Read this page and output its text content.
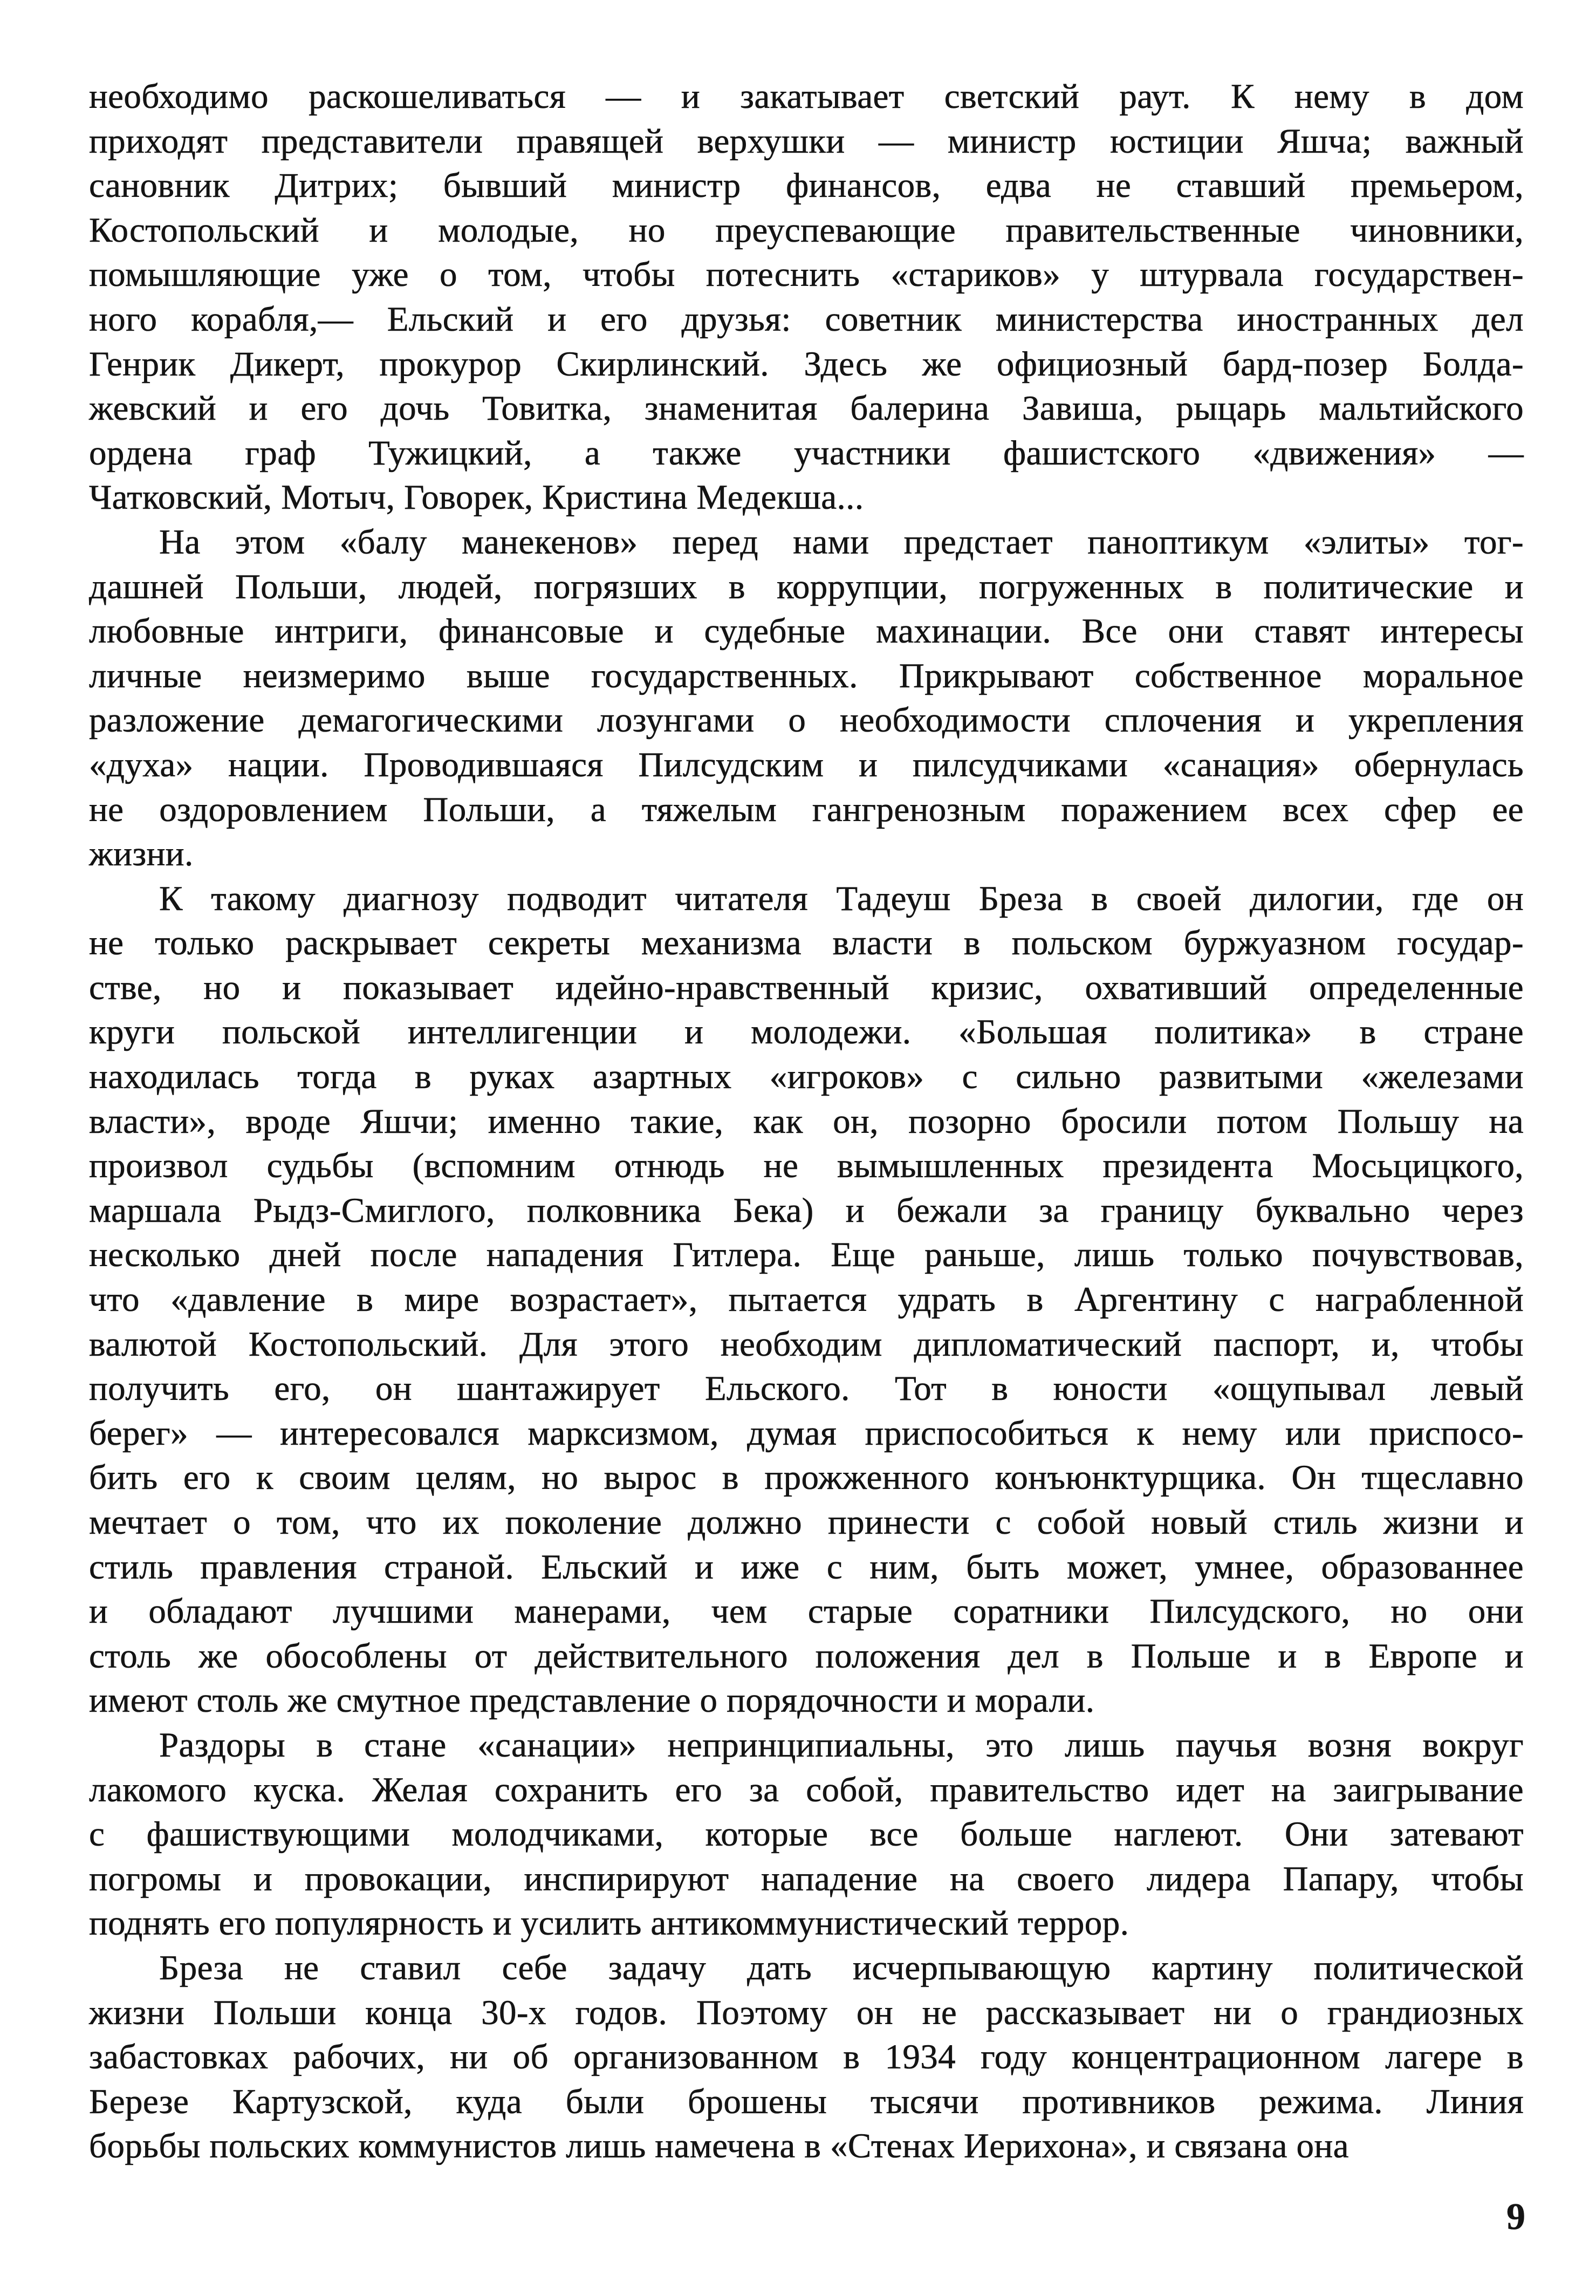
необходимо раскошеливаться — и закатывает светский раут. К нему в дом
приходят представители правящей верхушки — министр юстиции Яшча; важный
сановник Дитрих; бывший министр финансов, едва не ставший премьером,
Костопольский и молодые, но преуспевающие правительственные чиновники,
помышляющие уже о том, чтобы потеснить «стариков» у штурвала государствен-
ного корабля,— Ельский и его друзья: советник министерства иностранных дел
Генрик Дикерт, прокурор Скирлинский. Здесь же официозный бард-позер Болда-
жевский и его дочь Товитка, знаменитая балерина Завиша, рыцарь мальтийского
ордена граф Тужицкий, а также участники фашистского «движения» —
Чатковский, Мотыч, Говорек, Кристина Медекша...
На этом «балу манекенов» перед нами предстает паноптикум «элиты» тог-
дашней Польши, людей, погрязших в коррупции, погруженных в политические и
любовные интриги, финансовые и судебные махинации. Все они ставят интересы
личные неизмеримо выше государственных. Прикрывают собственное моральное
разложение демагогическими лозунгами о необходимости сплочения и укрепления
«духа» нации. Проводившаяся Пилсудским и пилсудчиками «санация» обернулась
не оздоровлением Польши, а тяжелым гангренозным поражением всех сфер ее
жизни.
К такому диагнозу подводит читателя Тадеуш Бреза в своей дилогии, где он
не только раскрывает секреты механизма власти в польском буржуазном государ-
стве, но и показывает идейно-нравственный кризис, охвативший определенные
круги польской интеллигенции и молодежи. «Большая политика» в стране
находилась тогда в руках азартных «игроков» с сильно развитыми «железами
власти», вроде Яшчи; именно такие, как он, позорно бросили потом Польшу на
произвол судьбы (вспомним отнюдь не вымышленных президента Мосьцицкого,
маршала Рыдз-Смиглого, полковника Бека) и бежали за границу буквально через
несколько дней после нападения Гитлера. Еще раньше, лишь только почувствовав,
что «давление в мире возрастает», пытается удрать в Аргентину с награбленной
валютой Костопольский. Для этого необходим дипломатический паспорт, и, чтобы
получить его, он шантажирует Ельского. Тот в юности «ощупывал левый
берег» — интересовался марксизмом, думая приспособиться к нему или приспосо-
бить его к своим целям, но вырос в прожженного конъюнктурщика. Он тщеславно
мечтает о том, что их поколение должно принести с собой новый стиль жизни и
стиль правления страной. Ельский и иже с ним, быть может, умнее, образованнее
и обладают лучшими манерами, чем старые соратники Пилсудского, но они
столь же обособлены от действительного положения дел в Польше и в Европе и
имеют столь же смутное представление о порядочности и морали.
Раздоры в стане «санации» непринципиальны, это лишь паучья возня вокруг
лакомого куска. Желая сохранить его за собой, правительство идет на заигрывание
с фашиствующими молодчиками, которые все больше наглеют. Они затевают
погромы и провокации, инспирируют нападение на своего лидера Папару, чтобы
поднять его популярность и усилить антикоммунистический террор.
Бреза не ставил себе задачу дать исчерпывающую картину политической
жизни Польши конца 30-х годов. Поэтому он не рассказывает ни о грандиозных
забастовках рабочих, ни об организованном в 1934 году концентрационном лагере в
Березе Картузской, куда были брошены тысячи противников режима. Линия
борьбы польских коммунистов лишь намечена в «Стенах Иерихона», и связана она
9
